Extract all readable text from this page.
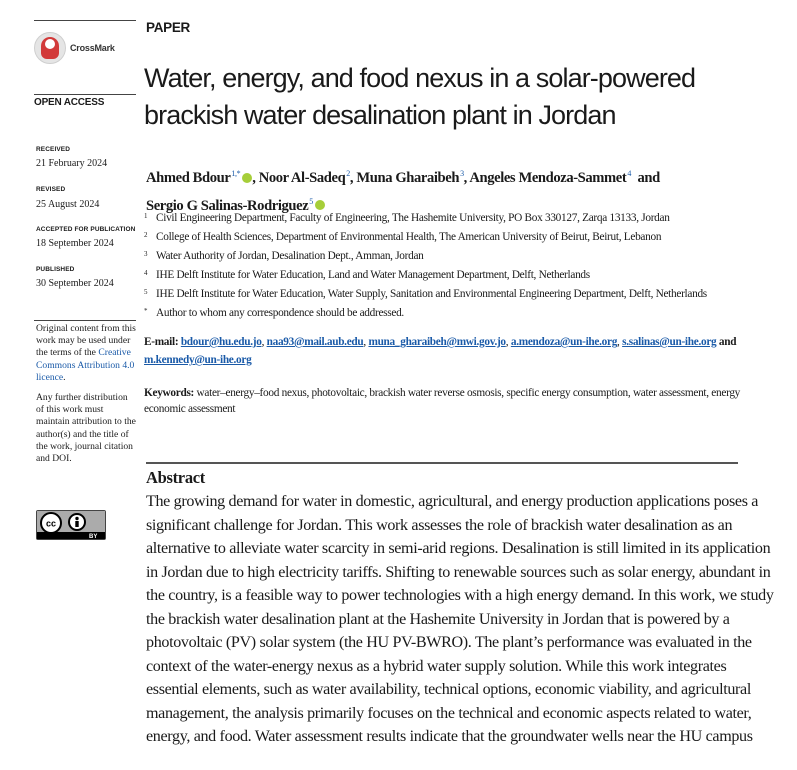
CrossMark
OPEN ACCESS
RECEIVED
21 February 2024
REVISED
25 August 2024
ACCEPTED FOR PUBLICATION
18 September 2024
PUBLISHED
30 September 2024
Original content from this work may be used under the terms of the Creative Commons Attribution 4.0 licence.
Any further distribution of this work must maintain attribution to the author(s) and the title of the work, journal citation and DOI.
cc
BY
PAPER
Water, energy, and food nexus in a solar-powered brackish water desalination plant in Jordan
Ahmed Bdour$^{1,*}$ , Noor Al-Sadeq$^2$, Muna Gharaibeh$^3$, Angeles Mendoza-Sammet$^4$ and
Sergio G Salinas-Rodriguez$^5$
1 Civil Engineering Department, Faculty of Engineering, The Hashemite University, PO Box 330127, Zarqa 13133, Jordan
2 College of Health Sciences, Department of Environmental Health, The American University of Beirut, Beirut, Lebanon
3 Water Authority of Jordan, Desalination Dept., Amman, Jordan
4 IHE Delft Institute for Water Education, Land and Water Management Department, Delft, Netherlands
5 IHE Delft Institute for Water Education, Water Supply, Sanitation and Environmental Engineering Department, Delft, Netherlands
* Author to whom any correspondence should be addressed.
E-mail: bdour@hu.edu.jo, naa93@mail.aub.edu, muna_gharaibeh@mwi.gov.jo, a.mendoza@un-ihe.org, s.salinas@un-ihe.org and m.kennedy@un-ihe.org
Keywords: water–energy–food nexus, photovoltaic, brackish water reverse osmosis, specific energy consumption, water assessment, energy economic assessment
Abstract
The growing demand for water in domestic, agricultural, and energy production applications poses a
significant challenge for Jordan. This work assesses the role of brackish water desalination as an
alternative to alleviate water scarcity in semi-arid regions. Desalination is still limited in its application
in Jordan due to high electricity tariffs. Shifting to renewable sources such as solar energy, abundant in
the country, is a feasible way to power technologies with a high energy demand. In this work, we study
the brackish water desalination plant at the Hashemite University in Jordan that is powered by a
photovoltaic (PV) solar system (the HU PV-BWRO). The plant’s performance was evaluated in the
context of the water-energy nexus as a hybrid water supply solution. While this work integrates
essential elements, such as water availability, technical options, economic viability, and agricultural
management, the analysis primarily focuses on the technical and economic aspects related to water,
energy, and food. Water assessment results indicate that the groundwater wells near the HU campus
